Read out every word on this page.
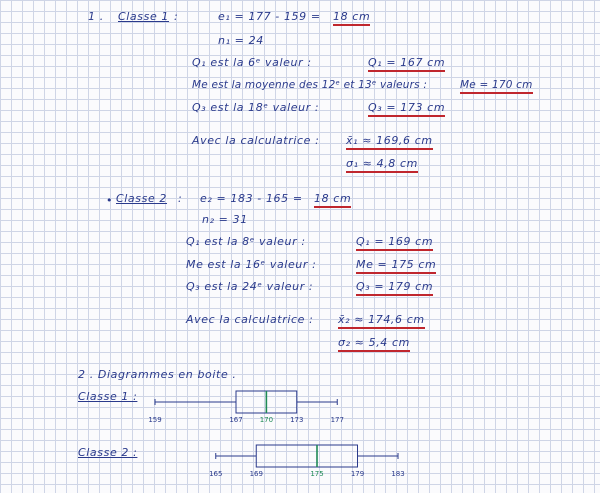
1 . Classe 1 :	e₁ = 177 - 159 = 18 cm
n₁ = 24
Q₁ est la 6ᵉ valeur :	Q₁ = 167 cm
Me est la moyenne des 12ᵉ et 13ᵉ valeurs :	Me = 170 cm
Q₃ est la 18ᵉ valeur :	Q₃ = 173 cm
Avec la calculatrice : x̄₁ ≈ 169,6 cm
σ₁ ≈ 4,8 cm
• Classe 2 : e₂ = 183 - 165 = 18 cm
n₂ = 31
Q₁ est la 8ᵉ valeur :	Q₁ = 169 cm
Me est la 16ᵉ valeur :	Me = 175 cm
Q₃ est la 24ᵉ valeur :	Q₃ = 179 cm
Avec la calculatrice : x̄₂ ≈ 174,6 cm
σ₂ ≈ 5,4 cm
2 . Diagrammes en boite .
Classe 1 :
Classe 2 :
159	167 170 173	177
165	169	175	179	183
